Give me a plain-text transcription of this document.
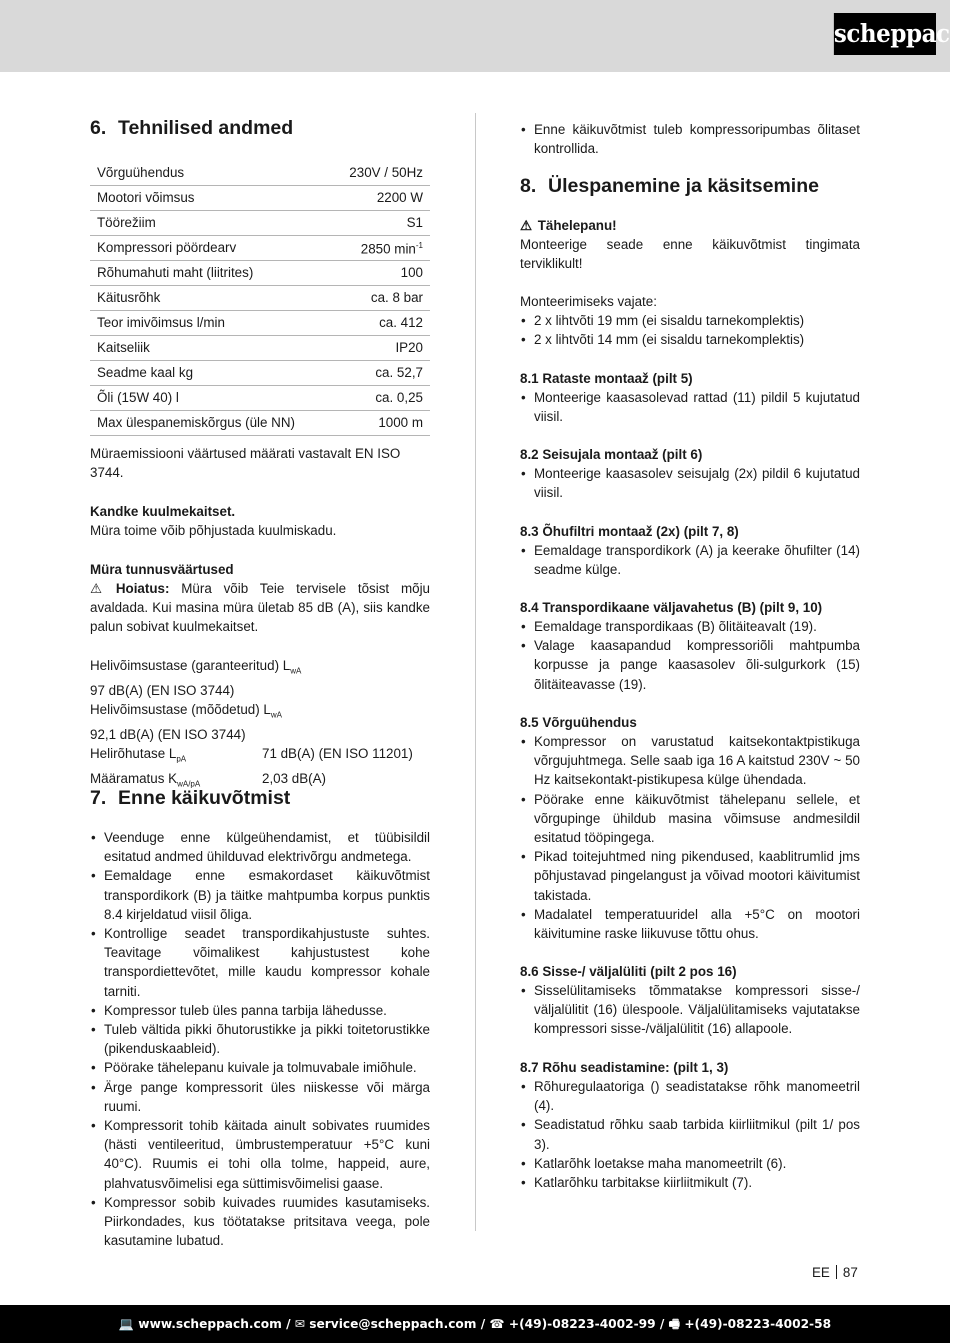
scheppach
6. Tehnilised andmed
Võrguühendus	230V / 50Hz
Mootori võimsus	2200 W
Töörežiim	S1
Kompressori pöördearv	2850 $\min^{-1}$
Rõhumahuti maht (liitrites)	100
Käitusrõhk	ca. 8 bar
Teor imivõimsus l/min	ca. 412
Kaitseliik	IP20
Seadme kaal kg	ca. 52,7
Õli (15W 40) l	ca. 0,25
Max ülespanemiskõrgus (üle NN)	1000 m

Müraemissiooni väärtused määrati vastavalt EN ISO 3744.

Kandke kuulmekaitset.

Müra toime võib põhjustada kuulmiskadu.

Müra tunnusväärtused

⚠ Hoiatus: Müra võib Teie tervisele tõsist mõju avaldada. Kui masina müra ületab 85 dB (A), siis kandke palun sobivat kuulmekaitset.

Helivõimsustase (garanteeritud) $L_{wA}$
97 dB(A) (EN ISO 3744)
Helivõimsustase (mõõdetud) $L_{wA}$
92,1 dB(A) (EN ISO 3744)
Helirõhutase $L_{pA}$	71 dB(A) (EN ISO 11201)
Määramatus $K_{wA/pA}$	2,03 dB(A)
7. Enne käikuvõtmist
• Veenduge enne külgeühendamist, et tüübisildil esitatud andmed ühilduvad elektrivõrgu andmetega.
• Eemaldage enne esmakordaset käikuvõtmist transpordikork (B) ja täitke mahtpumba korpus punktis 8.4 kirjeldatud viisil õliga.
• Kontrollige seadet transpordikahjustuste suhtes. Teavitage võimalikest kahjustustest kohe transpordiettevõtet, mille kaudu kompressor kohale tarniti.
• Kompressor tuleb üles panna tarbija lähedusse.
• Tuleb vältida pikki õhutorustikke ja pikki toitetorustikke (pikenduskaableid).
• Pöörake tähelepanu kuivale ja tolmuvabale imiõhule.
• Ärge pange kompressorit üles niiskesse või märga ruumi.
• Kompressorit tohib käitada ainult sobivates ruumides (hästi ventileeritud, ümbrustemperatuur +5°C kuni 40°C). Ruumis ei tohi olla tolme, happeid, aure, plahvatusvõimelisi ega süttimisvõimelisi gaase.
• Kompressor sobib kuivades ruumides kasutamiseks. Piirkondades, kus töötatakse pritsitava veega, pole kasutamine lubatud.
• Enne käikuvõtmist tuleb kompressoripumbas õlitaset kontrollida.
8. Ülespanemine ja käsitsemine

⚠ Tähelepanu!

Monteerige seade enne käikuvõtmist tingimata terviklikult!

Monteerimiseks vajate:

• 2 x lihtvõti 19 mm (ei sisaldu tarnekomplektis)
• 2 x lihtvõti 14 mm (ei sisaldu tarnekomplektis)

8.1 Rataste montaaž (pilt 5)

• Monteerige kaasasolevad rattad (11) pildil 5 kujutatud viisil.

8.2 Seisujala montaaž (pilt 6)

• Monteerige kaasasolev seisujalg (2x) pildil 6 kujutatud viisil.

8.3 Õhufiltri montaaž (2x) (pilt 7, 8)

• Eemaldage transpordikork (A) ja keerake õhufilter (14) seadme külge.

8.4 Transpordikaane väljavahetus (B) (pilt 9, 10)

• Eemaldage transpordikaas (B) õlitäiteavalt (19).
• Valage kaasapandud kompressoriõli mahtpumba korpusse ja pange kaasasolev õli-sulgurkork (15) õlitäiteavasse (19).

8.5 Võrguühendus

• Kompressor on varustatud kaitsekontaktpistikuga võrgujuhtmega. Selle saab iga 16 A kaitstud 230V ~ 50 Hz kaitsekontakt-pistikupesa külge ühendada.
• Pöörake enne käikuvõtmist tähelepanu sellele, et võrgupinge ühildub masina võimsuse andmesildil esitatud tööpingega.
• Pikad toitejuhtmed ning pikendused, kaablitrumlid jms põhjustavad pingelangust ja võivad mootori käivitumist takistada.
• Madalatel temperatuuridel alla +5°C on mootori käivitumine raske liikuvuse tõttu ohus.

8.6 Sisse-/ väljalüliti (pilt 2 pos 16)

• Sisselülitamiseks tõmmatakse kompressori sisse-/ väljalülitit (16) ülespoole. Väljalülitamiseks vajutatakse kompressori sisse-/väljalülitit (16) allapoole.

8.7 Rõhu seadistamine: (pilt 1, 3)

• Rõhuregulaatoriga () seadistatakse rõhk manomeetril (4).
• Seadistatud rõhku saab tarbida kiirliitmikul (pilt 1/ pos 3).
• Katlarõhk loetakse maha manomeetrilt (6).
• Katlarõhku tarbitakse kiirliitmikult (7).
EE 87
💻 www.scheppach.com / ✉ service@scheppach.com / ☎ +(49)-08223-4002-99 / 🖷 +(49)-08223-4002-58
